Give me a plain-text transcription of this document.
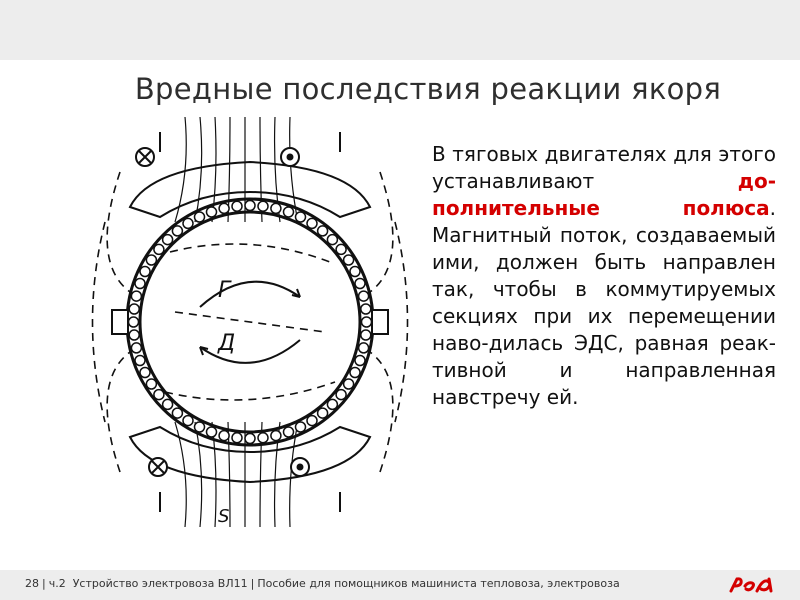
Вредные последствия реакции якоря
Г
Д
S
В тяговых двигателях для этого устанавливают до-полнительные полюса. Магнитный поток, создаваемый ими, должен быть направлен так, чтобы в коммутируемых секциях при их перемещении наво-дилась ЭДС, равная реак-тивной и направленная навстречу ей.
28 | ч.2 Устройство электровоза ВЛ11 | Пособие для помощников машиниста тепловоза, электровоза
